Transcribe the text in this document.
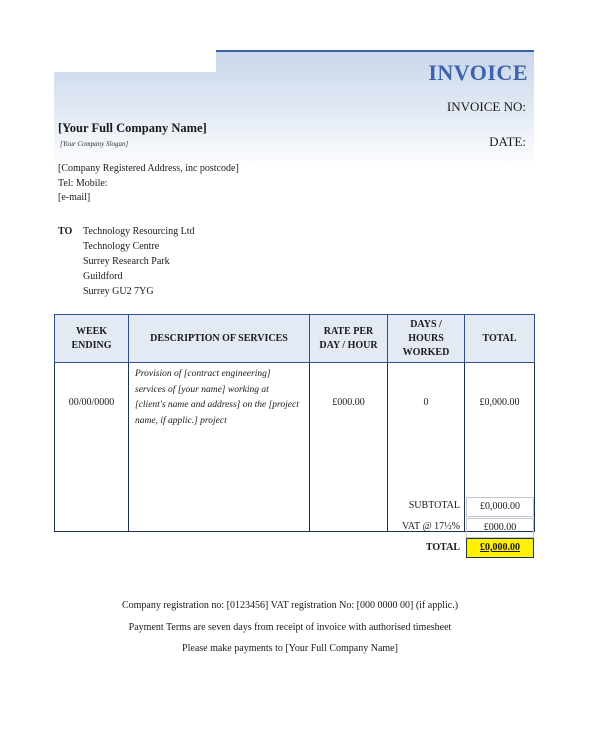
INVOICE
INVOICE NO:
DATE:
[Your Full Company Name]
[Your Company Slogan]
[Company Registered Address, inc postcode]
Tel: Mobile:
[e-mail]
TO Technology Resourcing Ltd
Technology Centre
Surrey Research Park
Guildford
Surrey GU2 7YG
WEEK ENDING	DESCRIPTION OF SERVICES	RATE PER DAY / HOUR	DAYS / HOURS WORKED	TOTAL
00/00/0000	Provision of [contract engineering] services of [your name] working at [client's name and address] on the [project name, if applic.] project	£000.00	0	£0,000.00
SUBTOTAL	£0,000.00
VAT @ 17½%	£000.00
TOTAL	£0,000.00
Company registration no: [0123456] VAT registration No: [000 0000 00] (if applic.)
Payment Terms are seven days from receipt of invoice with authorised timesheet
Please make payments to [Your Full Company Name]
